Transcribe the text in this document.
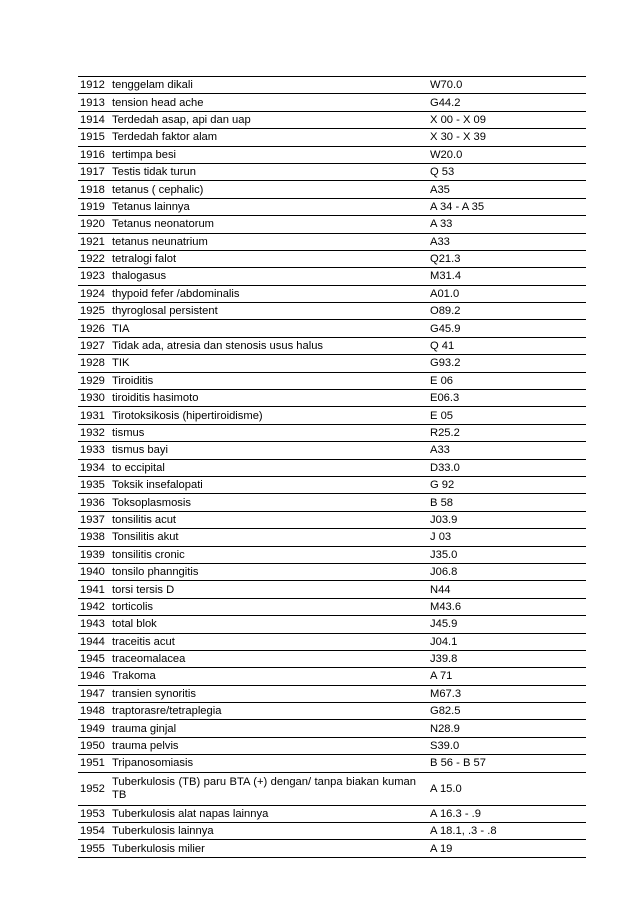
1912	tenggelam dikali	W70.0
1913	tension head ache	G44.2
1914	Terdedah asap, api dan uap	X 00 - X 09
1915	Terdedah faktor alam	X 30 - X 39
1916	tertimpa besi	W20.0
1917	Testis tidak turun	Q 53
1918	tetanus ( cephalic)	A35
1919	Tetanus lainnya	A 34 - A 35
1920	Tetanus neonatorum	A 33
1921	tetanus neunatrium	A33
1922	tetralogi falot	Q21.3
1923	thalogasus	M31.4
1924	thypoid fefer /abdominalis	A01.0
1925	thyroglosal persistent	O89.2
1926	TIA	G45.9
1927	Tidak ada, atresia dan stenosis usus halus	Q 41
1928	TIK	G93.2
1929	Tiroiditis	E 06
1930	tiroiditis hasimoto	E06.3
1931	Tirotoksikosis (hipertiroidisme)	E 05
1932	tismus	R25.2
1933	tismus bayi	A33
1934	to eccipital	D33.0
1935	Toksik insefalopati	G 92
1936	Toksoplasmosis	B 58
1937	tonsilitis acut	J03.9
1938	Tonsilitis akut	J 03
1939	tonsilitis cronic	J35.0
1940	tonsilo phanngitis	J06.8
1941	torsi tersis D	N44
1942	torticolis	M43.6
1943	total blok	J45.9
1944	traceitis acut	J04.1
1945	traceomalacea	J39.8
1946	Trakoma	A 71
1947	transien synoritis	M67.3
1948	traptorasre/tetraplegia	G82.5
1949	trauma ginjal	N28.9
1950	trauma pelvis	S39.0
1951	Tripanosomiasis	B 56 - B 57
1952	Tuberkulosis (TB) paru BTA (+) dengan/ tanpa biakan kuman TB	A 15.0
1953	Tuberkulosis alat napas lainnya	A 16.3 - .9
1954	Tuberkulosis lainnya	A 18.1, .3 - .8
1955	Tuberkulosis milier	A 19
